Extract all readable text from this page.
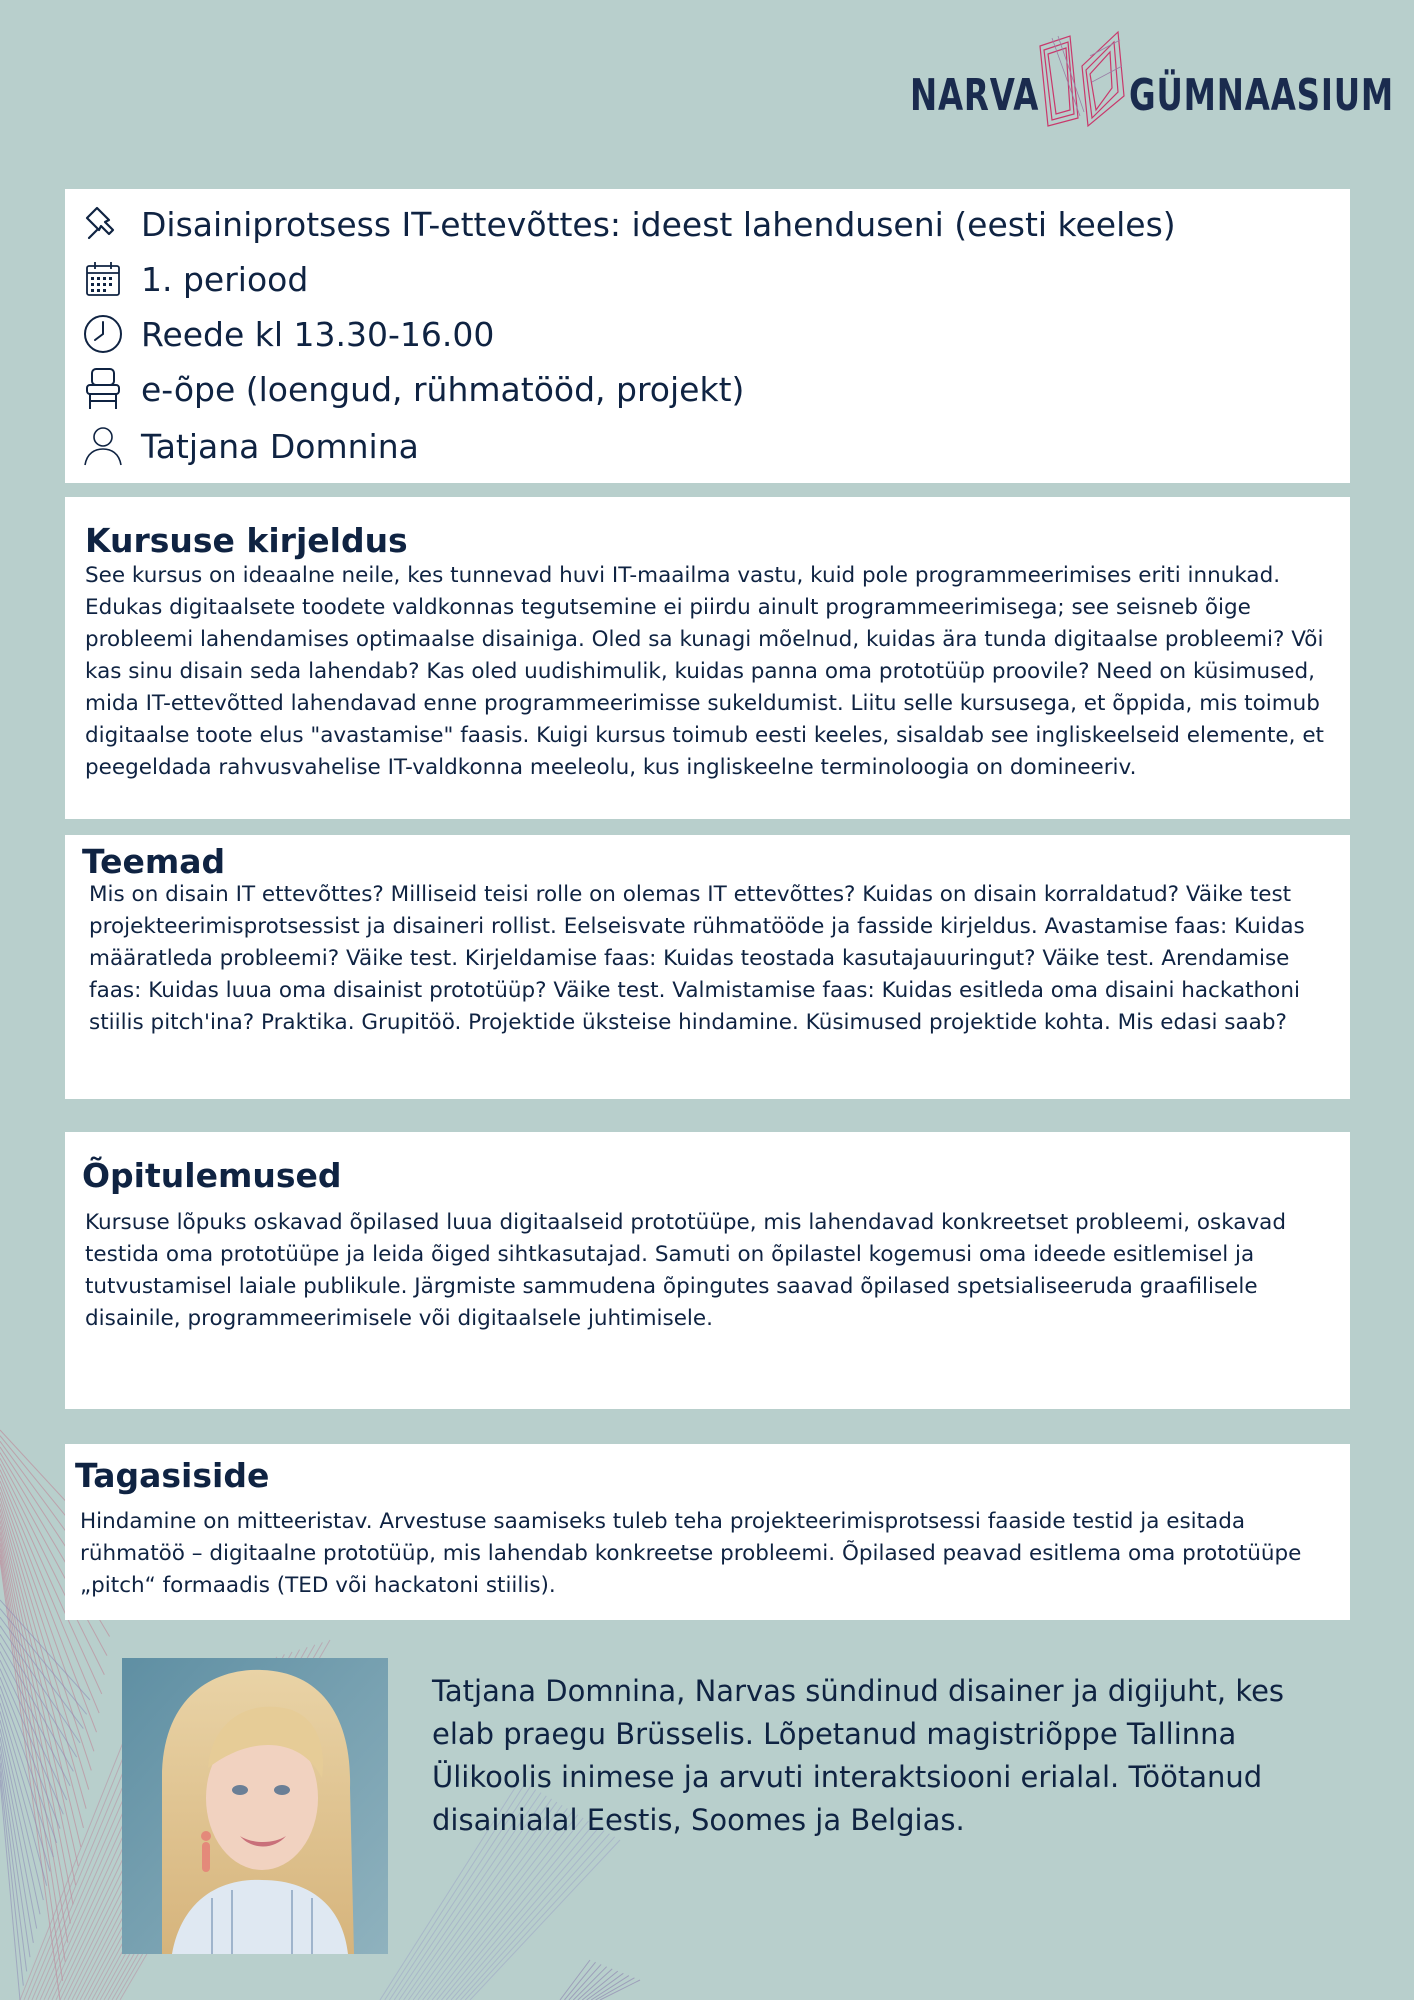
NARVA GÜMNAASIUM
Disainiprotsess IT-ettevõttes: ideest lahenduseni (eesti keeles)
1. periood
Reede kl 13.30-16.00
e-õpe (loengud, rühmatööd, projekt)
Tatjana Domnina
Kursuse kirjeldus

See kursus on ideaalne neile, kes tunnevad huvi IT-maailma vastu, kuid pole programmeerimises eriti innukad. Edukas digitaalsete toodete valdkonnas tegutsemine ei piirdu ainult programmeerimisega; see seisneb õige probleemi lahendamises optimaalse disainiga. Oled sa kunagi mõelnud, kuidas ära tunda digitaalse probleemi? Või kas sinu disain seda lahendab? Kas oled uudishimulik, kuidas panna oma prototüüp proovile? Need on küsimused, mida IT-ettevõtted lahendavad enne programmeerimisse sukeldumist. Liitu selle kursusega, et õppida, mis toimub digitaalse toote elus "avastamise" faasis. Kuigi kursus toimub eesti keeles, sisaldab see ingliskeelseid elemente, et peegeldada rahvusvahelise IT-valdkonna meeleolu, kus ingliskeelne terminoloogia on domineeriv.

Teemad

Mis on disain IT ettevõttes? Milliseid teisi rolle on olemas IT ettevõttes? Kuidas on disain korraldatud? Väike test projekteerimisprotsessist ja disaineri rollist. Eelseisvate rühmatööde ja fasside kirjeldus. Avastamise faas: Kuidas määratleda probleemi? Väike test. Kirjeldamise faas: Kuidas teostada kasutajauuringut? Väike test. Arendamise faas: Kuidas luua oma disainist prototüüp? Väike test. Valmistamise faas: Kuidas esitleda oma disaini hackathoni stiilis pitch'ina? Praktika. Grupitöö. Projektide üksteise hindamine. Küsimused projektide kohta. Mis edasi saab?

Õpitulemused

Kursuse lõpuks oskavad õpilased luua digitaalseid prototüüpe, mis lahendavad konkreetset probleemi, oskavad testida oma prototüüpe ja leida õiged sihtkasutajad. Samuti on õpilastel kogemusi oma ideede esitlemisel ja tutvustamisel laiale publikule. Järgmiste sammudena õpingutes saavad õpilased spetsialiseeruda graafilisele disainile, programmeerimisele või digitaalsele juhtimisele.

Tagasiside

Hindamine on mitteeristav. Arvestuse saamiseks tuleb teha projekteerimisprotsessi faaside testid ja esitada rühmatöö – digitaalne prototüüp, mis lahendab konkreetse probleemi. Õpilased peavad esitlema oma prototüüpe „pitch“ formaadis (TED või hackatoni stiilis).

Tatjana Domnina, Narvas sündinud disainer ja digijuht, kes elab praegu Brüsselis. Lõpetanud magistriõppe Tallinna Ülikoolis inimese ja arvuti interaktsiooni erialal. Töötanud disainialal Eestis, Soomes ja Belgias.
